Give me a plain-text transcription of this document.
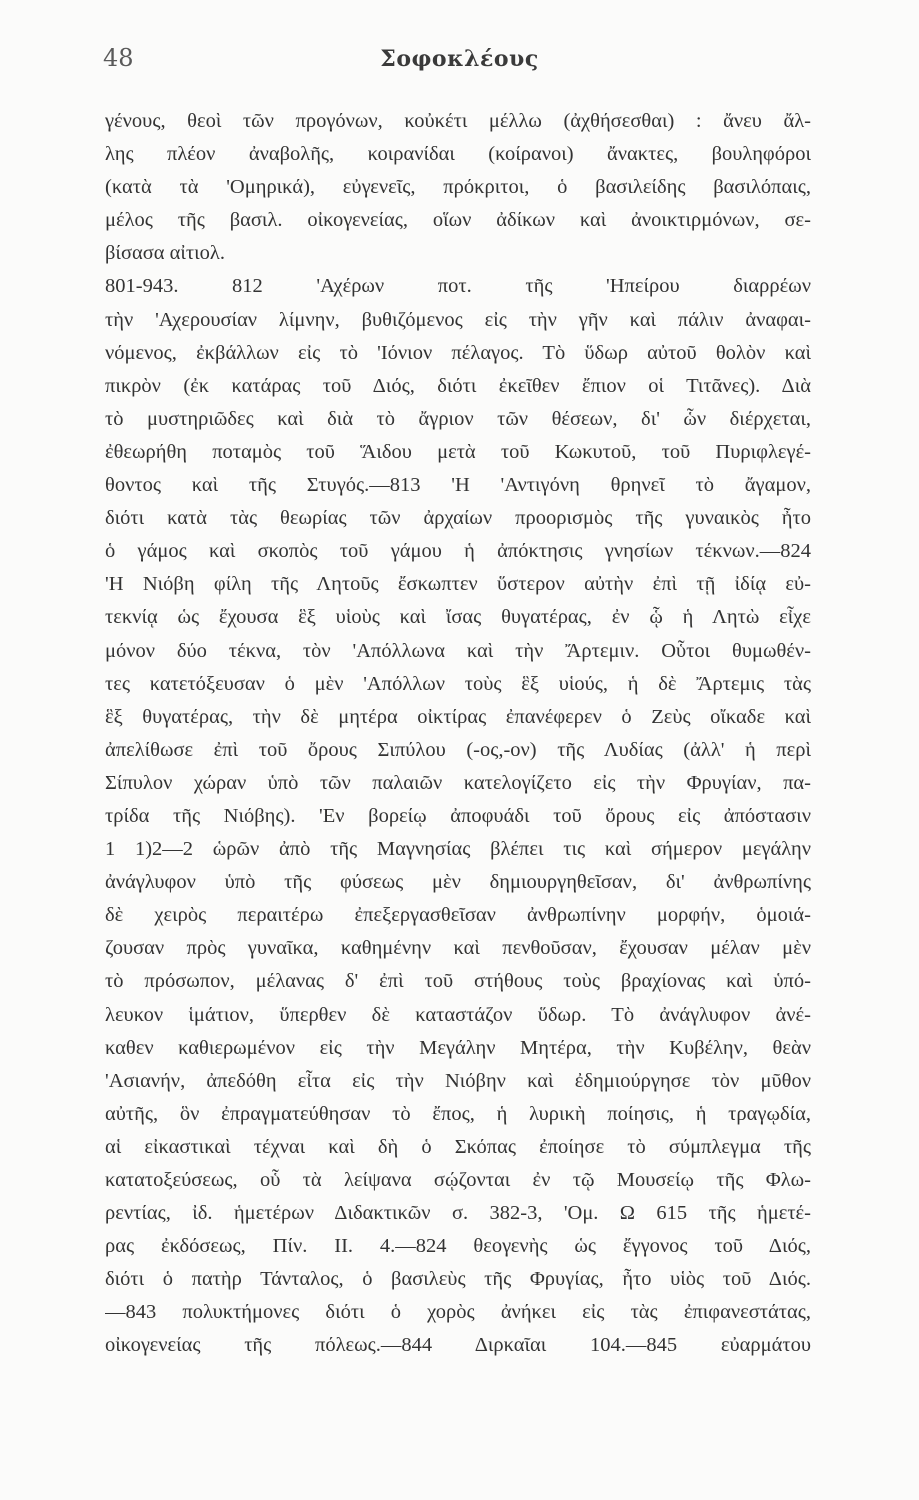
48	Σοφοκλέους
γένους, θεοὶ τῶν προγόνων, κοὐκέτι μέλλω (ἀχθήσεσθαι) : ἄνευ ἄλ-
λης πλέον ἀναβολῆς, κοιρανίδαι (κοίρανοι) ἄνακτες, βουληφόροι
(κατὰ τὰ 'Ομηρικά), εὐγενεῖς, πρόκριτοι, ὁ βασιλείδης βασιλόπαις,
μέλος τῆς βασιλ. οἰκογενείας, οἵων ἀδίκων καὶ ἀνοικτιρμόνων, σε-
βίσασα αἰτιολ.
801-943. 812 'Αχέρων ποτ. τῆς 'Ηπείρου διαρρέων
τὴν 'Αχερουσίαν λίμνην, βυθιζόμενος εἰς τὴν γῆν καὶ πάλιν ἀναφαι-
νόμενος, ἐκβάλλων εἰς τὸ 'Ιόνιον πέλαγος. Τὸ ὕδωρ αὐτοῦ θολὸν καὶ
πικρὸν (ἐκ κατάρας τοῦ Διός, διότι ἐκεῖθεν ἔπιον οἱ Τιτᾶνες). Διὰ
τὸ μυστηριῶδες καὶ διὰ τὸ ἄγριον τῶν θέσεων, δι' ὧν διέρχεται,
ἐθεωρήθη ποταμὸς τοῦ Ἅιδου μετὰ τοῦ Κωκυτοῦ, τοῦ Πυριφλεγέ-
θοντος καὶ τῆς Στυγός.—813 'Η 'Αντιγόνη θρηνεῖ τὸ ἄγαμον,
διότι κατὰ τὰς θεωρίας τῶν ἀρχαίων προορισμὸς τῆς γυναικὸς ἦτο
ὁ γάμος καὶ σκοπὸς τοῦ γάμου ἡ ἀπόκτησις γνησίων τέκνων.—824
'Η Νιόβη φίλη τῆς Λητοῦς ἔσκωπτεν ὕστερον αὐτὴν ἐπὶ τῇ ἰδίᾳ εὐ-
τεκνίᾳ ὡς ἔχουσα ἓξ υἱοὺς καὶ ἴσας θυγατέρας, ἐν ᾧ ἡ Λητὼ εἶχε
μόνον δύο τέκνα, τὸν 'Απόλλωνα καὶ τὴν Ἄρτεμιν. Οὗτοι θυμωθέν-
τες κατετόξευσαν ὁ μὲν 'Απόλλων τοὺς ἓξ υἱούς, ἡ δὲ Ἄρτεμις τὰς
ἓξ θυγατέρας, τὴν δὲ μητέρα οἰκτίρας ἐπανέφερεν ὁ Ζεὺς οἴκαδε καὶ
ἀπελίθωσε ἐπὶ τοῦ ὄρους Σιπύλου (-ος,-ον) τῆς Λυδίας (ἀλλ' ἡ περὶ
Σίπυλον χώραν ὑπὸ τῶν παλαιῶν κατελογίζετο εἰς τὴν Φρυγίαν, πα-
τρίδα τῆς Νιόβης). 'Εν βορείῳ ἀποφυάδι τοῦ ὄρους εἰς ἀπόστασιν
1 1)2—2 ὡρῶν ἀπὸ τῆς Μαγνησίας βλέπει τις καὶ σήμερον μεγάλην
ἀνάγλυφον ὑπὸ τῆς φύσεως μὲν δημιουργηθεῖσαν, δι' ἀνθρωπίνης
δὲ χειρὸς περαιτέρω ἐπεξεργασθεῖσαν ἀνθρωπίνην μορφήν, ὁμοιά-
ζουσαν πρὸς γυναῖκα, καθημένην καὶ πενθοῦσαν, ἔχουσαν μέλαν μὲν
τὸ πρόσωπον, μέλανας δ' ἐπὶ τοῦ στήθους τοὺς βραχίονας καὶ ὑπό-
λευκον ἱμάτιον, ὕπερθεν δὲ καταστάζον ὕδωρ. Τὸ ἀνάγλυφον ἀνέ-
καθεν καθιερωμένον εἰς τὴν Μεγάλην Μητέρα, τὴν Κυβέλην, θεὰν
'Ασιανήν, ἀπεδόθη εἶτα εἰς τὴν Νιόβην καὶ ἐδημιούργησε τὸν μῦθον
αὐτῆς, ὃν ἐπραγματεύθησαν τὸ ἔπος, ἡ λυρικὴ ποίησις, ἡ τραγῳδία,
αἱ εἰκαστικαὶ τέχναι καὶ δὴ ὁ Σκόπας ἐποίησε τὸ σύμπλεγμα τῆς
κατατοξεύσεως, οὗ τὰ λείψανα σῴζονται ἐν τῷ Μουσείῳ τῆς Φλω-
ρεντίας, ἰδ. ἡμετέρων Διδακτικῶν σ. 382-3, 'Ομ. Ω 615 τῆς ἡμετέ-
ρας ἐκδόσεως, Πίν. II. 4.—824 θεογενὴς ὡς ἔγγονος τοῦ Διός,
διότι ὁ πατὴρ Τάνταλος, ὁ βασιλεὺς τῆς Φρυγίας, ἦτο υἱὸς τοῦ Διός.
—843 πολυκτήμονες διότι ὁ χορὸς ἀνήκει εἰς τὰς ἐπιφανεστάτας,
οἰκογενείας τῆς πόλεως.—844 Διρκαῖαι 104.—845 εὐαρμάτου
